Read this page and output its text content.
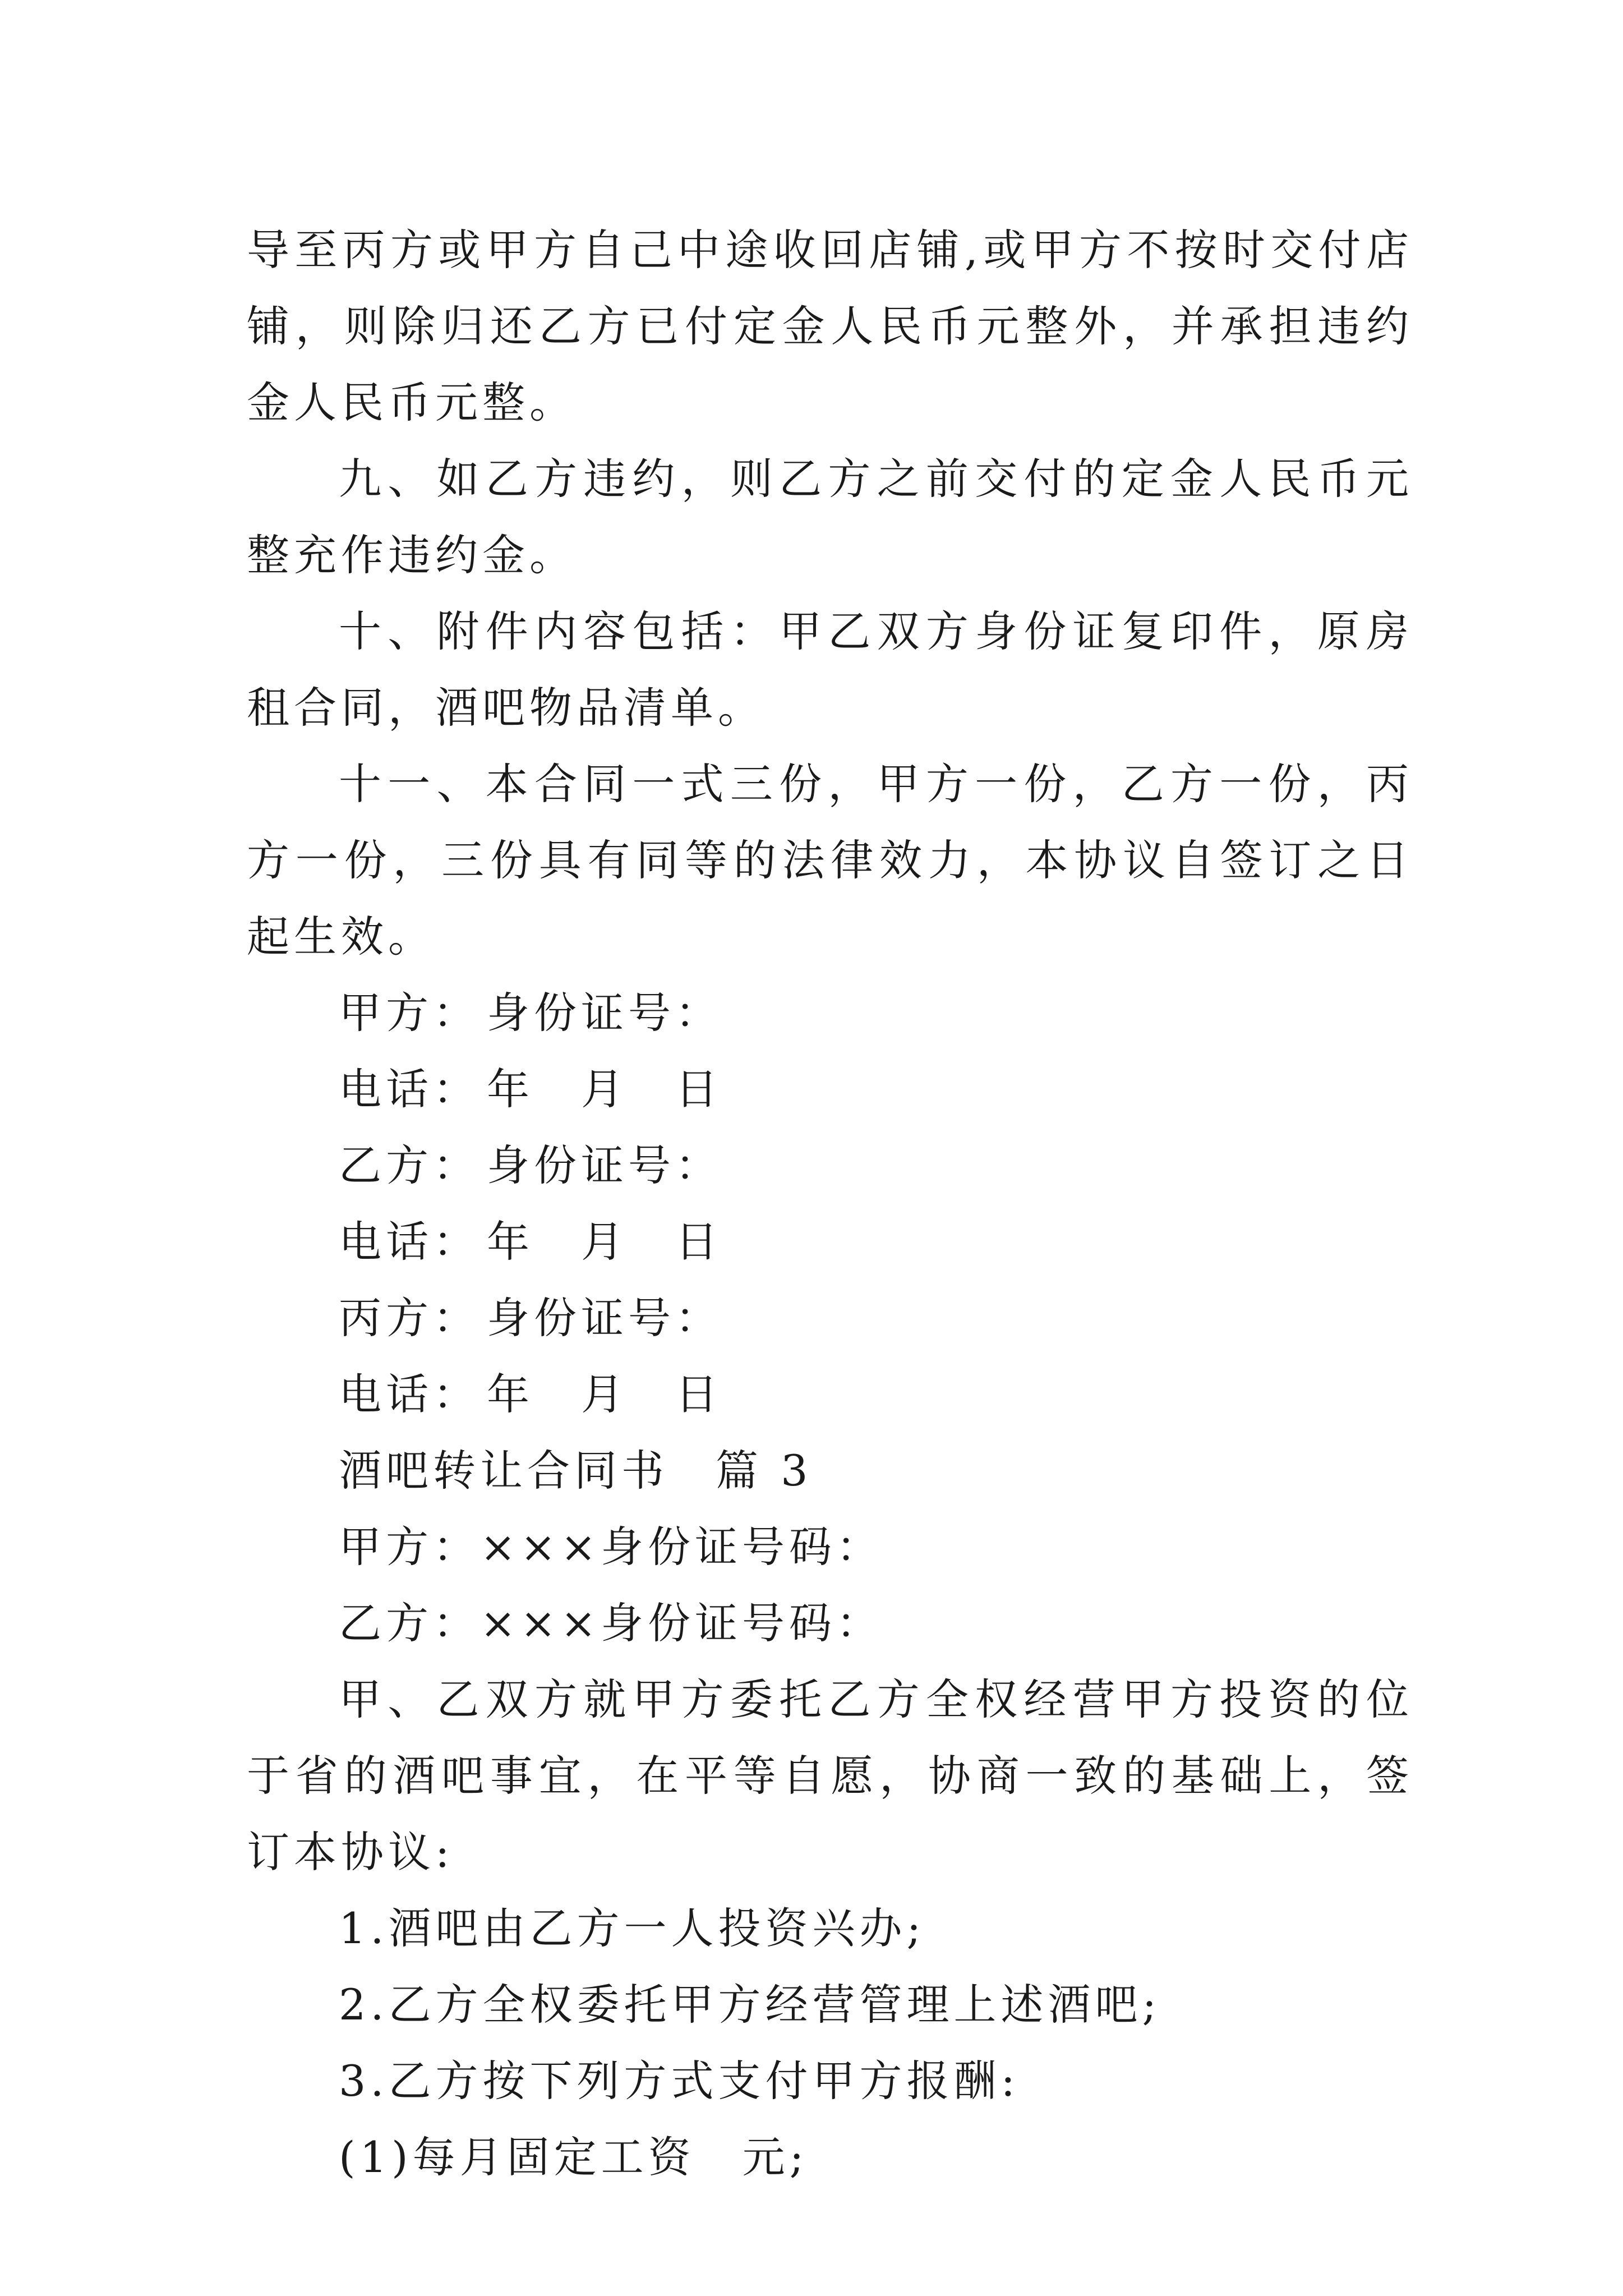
导至丙方或甲方自己中途收回店铺,或甲方不按时交付店铺，则除归还乙方已付定金人民币元整外，并承担违约金人民币元整。

九、如乙方违约，则乙方之前交付的定金人民币元整充作违约金。

十、附件内容包括：甲乙双方身份证复印件，原房租合同，酒吧物品清单。

十一、本合同一式三份，甲方一份，乙方一份，丙方一份，三份具有同等的法律效力，本协议自签订之日起生效。

甲方： 身份证号：

电话： 年　月　日

乙方： 身份证号：

电话： 年　月　日

丙方： 身份证号：

电话： 年　月　日

酒吧转让合同书　篇 3

甲方：×××身份证号码：

乙方：×××身份证号码：

甲、乙双方就甲方委托乙方全权经营甲方投资的位于省的酒吧事宜，在平等自愿，协商一致的基础上，签订本协议:

1.酒吧由乙方一人投资兴办;

2.乙方全权委托甲方经营管理上述酒吧;

3.乙方按下列方式支付甲方报酬:

(1)每月固定工资　元;
